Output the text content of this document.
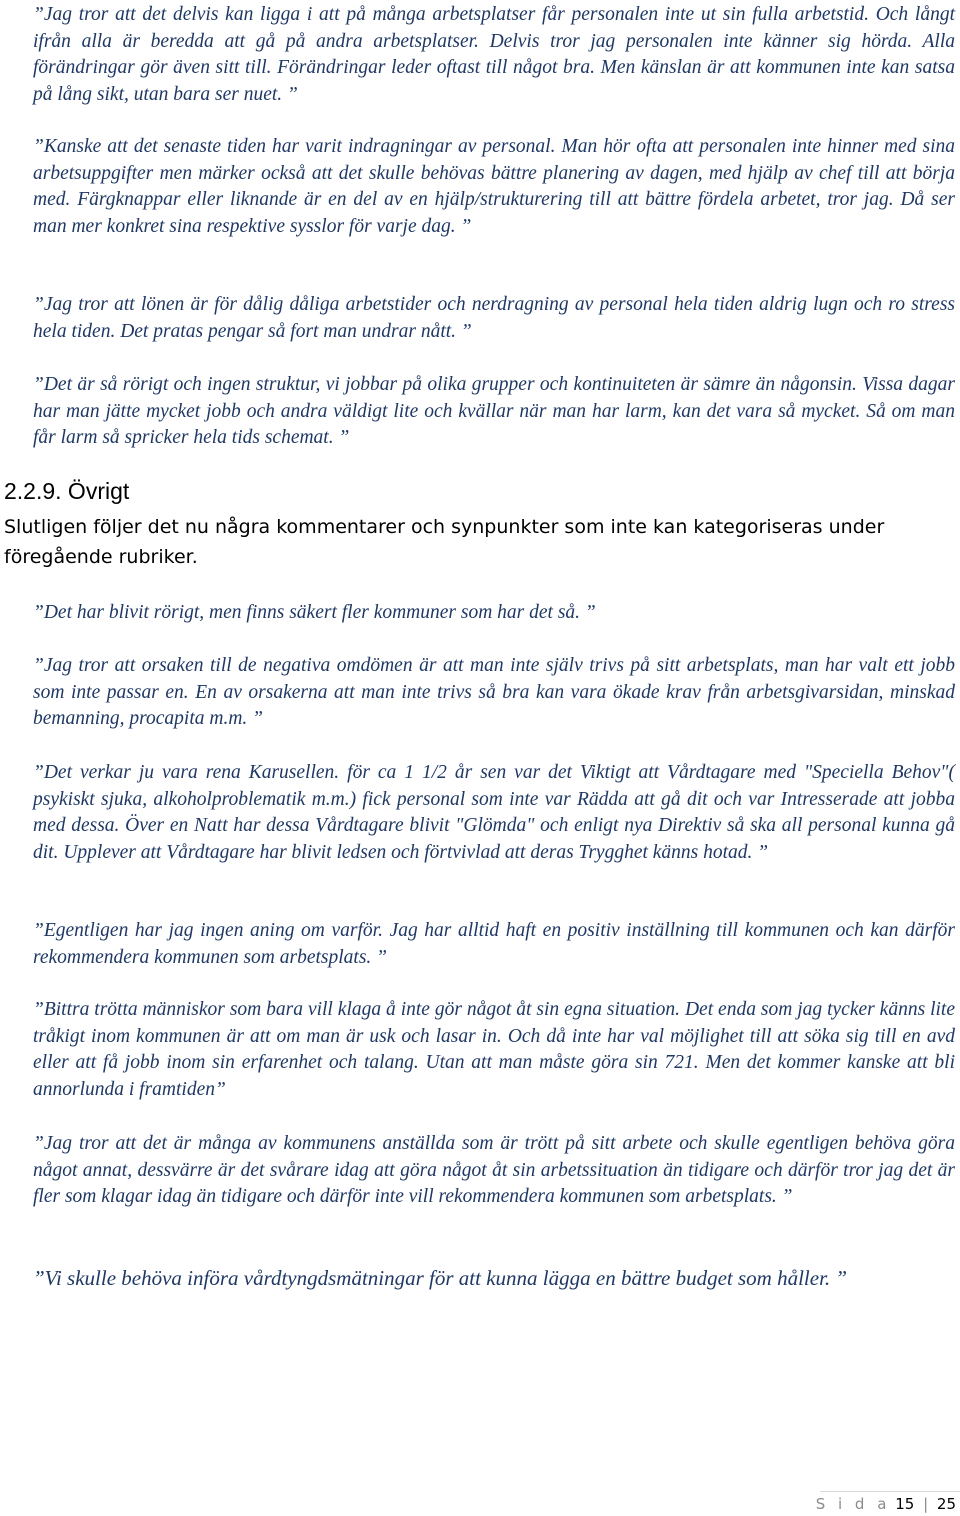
”Jag tror att det delvis kan ligga i att på många arbetsplatser får personalen inte ut sin fulla arbetstid. Och långt ifrån alla är beredda att gå på andra arbetsplatser. Delvis tror jag personalen inte känner sig hörda. Alla förändringar gör även sitt till. Förändringar leder oftast till något bra. Men känslan är att kommunen inte kan satsa på lång sikt, utan bara ser nuet. ”

”Kanske att det senaste tiden har varit indragningar av personal. Man hör ofta att personalen inte hinner med sina arbetsuppgifter men märker också att det skulle behövas bättre planering av dagen, med hjälp av chef till att börja med. Färgknappar eller liknande är en del av en hjälp/strukturering till att bättre fördela arbetet, tror jag. Då ser man mer konkret sina respektive sysslor för varje dag. ”

”Jag tror att lönen är för dålig dåliga arbetstider och nerdragning av personal hela tiden aldrig lugn och ro stress hela tiden. Det pratas pengar så fort man undrar nått. ”

”Det är så rörigt och ingen struktur, vi jobbar på olika grupper och kontinuiteten är sämre än någonsin. Vissa dagar har man jätte mycket jobb och andra väldigt lite och kvällar när man har larm, kan det vara så mycket. Så om man får larm så spricker hela tids schemat. ”

2.2.9. Övrigt

Slutligen följer det nu några kommentarer och synpunkter som inte kan kategoriseras under föregående rubriker.

”Det har blivit rörigt, men finns säkert fler kommuner som har det så. ”

”Jag tror att orsaken till de negativa omdömen är att man inte själv trivs på sitt arbetsplats, man har valt ett jobb som inte passar en. En av orsakerna att man inte trivs så bra kan vara ökade krav från arbetsgivarsidan, minskad bemanning, procapita m.m. ”

”Det verkar ju vara rena Karusellen. för ca 1 1/2 år sen var det Viktigt att Vårdtagare med "Speciella Behov"( psykiskt sjuka, alkoholproblematik m.m.) fick personal som inte var Rädda att gå dit och var Intresserade att jobba med dessa. Över en Natt har dessa Vårdtagare blivit "Glömda" och enligt nya Direktiv så ska all personal kunna gå dit. Upplever att Vårdtagare har blivit ledsen och förtvivlad att deras Trygghet känns hotad. ”

”Egentligen har jag ingen aning om varför. Jag har alltid haft en positiv inställning till kommunen och kan därför rekommendera kommunen som arbetsplats. ”

”Bittra trötta människor som bara vill klaga å inte gör något åt sin egna situation. Det enda som jag tycker känns lite tråkigt inom kommunen är att om man är usk och lasar in. Och då inte har val möjlighet till att söka sig till en avd eller att få jobb inom sin erfarenhet och talang. Utan att man måste göra sin 721. Men det kommer kanske att bli annorlunda i framtiden”

”Jag tror att det är många av kommunens anställda som är trött på sitt arbete och skulle egentligen behöva göra något annat, dessvärre är det svårare idag att göra något åt sin arbetssituation än tidigare och därför tror jag det är fler som klagar idag än tidigare och därför inte vill rekommendera kommunen som arbetsplats. ”

”Vi skulle behöva införa vårdtyngdsmätningar för att kunna lägga en bättre budget som håller. ”

S i d a 15 | 25
